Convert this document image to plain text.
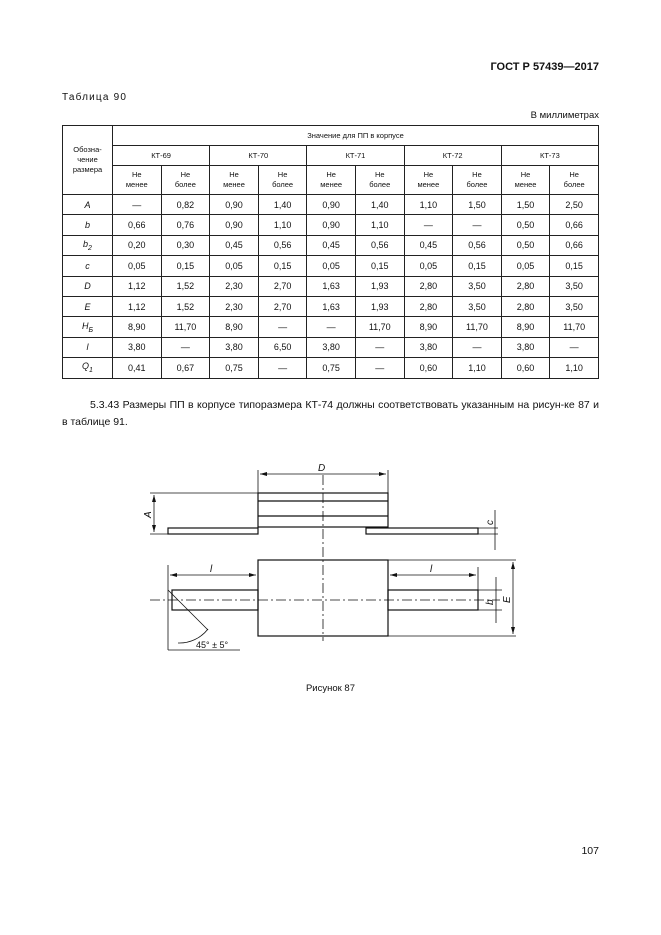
ГОСТ Р 57439—2017
Таблица 90
В миллиметрах
Обозна-
чение
размера	Значение для ПП в корпусе									
	КТ-69		КТ-70		КТ-71		КТ-72		КТ-73	
	Не
менее	Не
более	Не
менее	Не
более	Не
менее	Не
более	Не
менее	Не
более	Не
менее	Не
более
A	—	0,82	0,90	1,40	0,90	1,40	1,10	1,50	1,50	2,50
b	0,66	0,76	0,90	1,10	0,90	1,10	—	—	0,50	0,66
$b_2$	0,20	0,30	0,45	0,56	0,45	0,56	0,45	0,56	0,50	0,66
c	0,05	0,15	0,05	0,15	0,05	0,15	0,05	0,15	0,05	0,15
D	1,12	1,52	2,30	2,70	1,63	1,93	2,80	3,50	2,80	3,50
E	1,12	1,52	2,30	2,70	1,63	1,93	2,80	3,50	2,80	3,50
$H_Б$	8,90	11,70	8,90	—	—	11,70	8,90	11,70	8,90	11,70
l	3,80	—	3,80	6,50	3,80	—	3,80	—	3,80	—
$Q_1$	0,41	0,67	0,75	—	0,75	—	0,60	1,10	0,60	1,10
5.3.43 Размеры ПП в корпусе типоразмера КТ-74 должны соответствовать указанным на рисун-ке 87 и в таблице 91.
D
A
c
l	l
b E
45° ± 5°
Рисунок 87
107
